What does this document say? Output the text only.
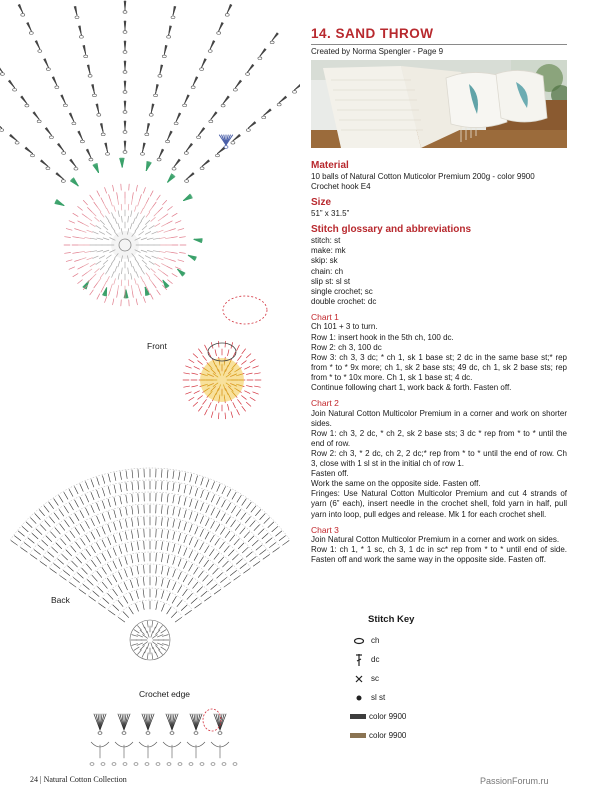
Front
Back
Crochet edge
14. SAND THROW
Created by Norma Spengler - Page 9
Material

10 balls of Natural Cotton Muticolor Premium 200g - color 9900

Crochet hook E4

Size

51” x 31.5”

Stitch glossary and abbreviations

stitch: st

make: mk

skip: sk

chain: ch

slip st: sl st

single crochet; sc

double crochet: dc

Chart 1

Ch 101 + 3 to turn.

Row 1: insert hook in the 5th ch, 100 dc.

Row 2: ch 3, 100 dc

Row 3: ch 3, 3 dc; * ch 1, sk 1 base st; 2 dc in the same base st;* rep from * to * 9x more; ch 1, sk 2 base sts; 49 dc, ch 1, sk 2 base sts; rep from * to * 10x more. Ch 1, sk 1 base st; 4 dc.

Continue following chart 1, work back & forth. Fasten off.

Chart 2

Join Natural Cotton Multicolor Premium in a corner and work on shorter sides.

Row 1: ch 3, 2 dc, * ch 2, sk 2 base sts; 3 dc * rep from * to * until the end of row.

Row 2: ch 3, * 2 dc, ch 2, 2 dc;* rep from * to * until the end of row. Ch 3, close with 1 sl st in the initial ch of row 1.

Fasten off.

Work the same on the opposite side. Fasten off.

Fringes: Use Natural Cotton Multicolor Premium and cut 4 strands of yarn (6” each), insert needle in the crochet shell, fold yarn in half, pull yarn into loop, pull edges and release. Mk 1 for each crochet shell.

Chart 3

Join Natural Cotton Multicolor Premium in a corner and work on sides.

Row 1: ch 1, * 1 sc, ch 3, 1 dc in sc* rep from * to * until end of side. Fasten off and work the same way in the opposite side. Fasten off.

Stitch Key
ch
dc
sc
sl st
color 9900
color 9900
24 | Natural Cotton Collection	PassionForum.ru
